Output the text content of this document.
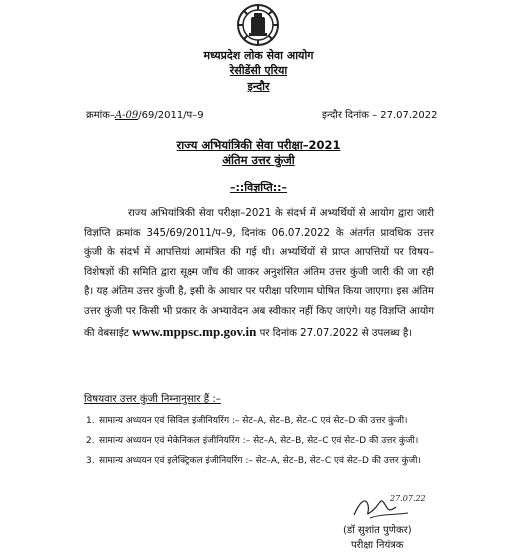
मध्यप्रदेश लोक सेवा आयोग
रेसीडेंसी एरिया
इन्दौर
क्रमांक–A-09/69/2011/प–9	इन्दौर दिनांक – 27.07.2022
राज्य अभियांत्रिकी सेवा परीक्षा–2021
अंतिम उत्तर कुंजी
–::विज्ञप्ति::–
राज्य अभियांत्रिकी सेवा परीक्षा–2021 के संदर्भ में अभ्यर्थियों से आयोग द्वारा जारी विज्ञप्ति क्रमांक 345/69/2011/प–9, दिनांक 06.07.2022 के अंतर्गत प्रावधिक उत्तर कुंजी के संदर्भ में आपत्तियां आमंत्रित की गई थी। अभ्यर्थियों से प्राप्त आपत्तियों पर विषय–विशेषज्ञों की समिति द्वारा सूक्ष्म जाँच की जाकर अनुशंसित अंतिम उत्तर कुंजी जारी की जा रही है। यह अंतिम उत्तर कुंजी है, इसी के आधार पर परीक्षा परिणाम घोषित किया जाएगा। इस अंतिम उत्तर कुंजी पर किसी भी प्रकार के अभ्यावेदन अब स्वीकार नहीं किए जाएंगे। यह विज्ञप्ति आयोग की वेबसाईट www.mppsc.mp.gov.in पर दिनांक 27.07.2022 से उपलब्ध है।
विषयवार उत्तर कुंजी निम्नानुसार हैं :–
1. सामान्य अध्ययन एवं सिविल इंजीनियरिंग :– सेट–A, सेट–B, सेट–C एवं सेट–D की उत्तर कुंजी।
2. सामान्य अध्ययन एवं मेकेनिकल इंजीनियरिंग :– सेट–A, सेट–B, सेट–C एवं सेट–D की उत्तर कुंजी।
3. सामान्य अध्ययन एवं इलेक्ट्रिकल इंजीनियरिंग :– सेट–A, सेट–B, सेट–C एवं सेट–D की उत्तर कुंजी।
27.07.22
(डॉ सुशांत पुणेकर)
परीक्षा नियंत्रक
